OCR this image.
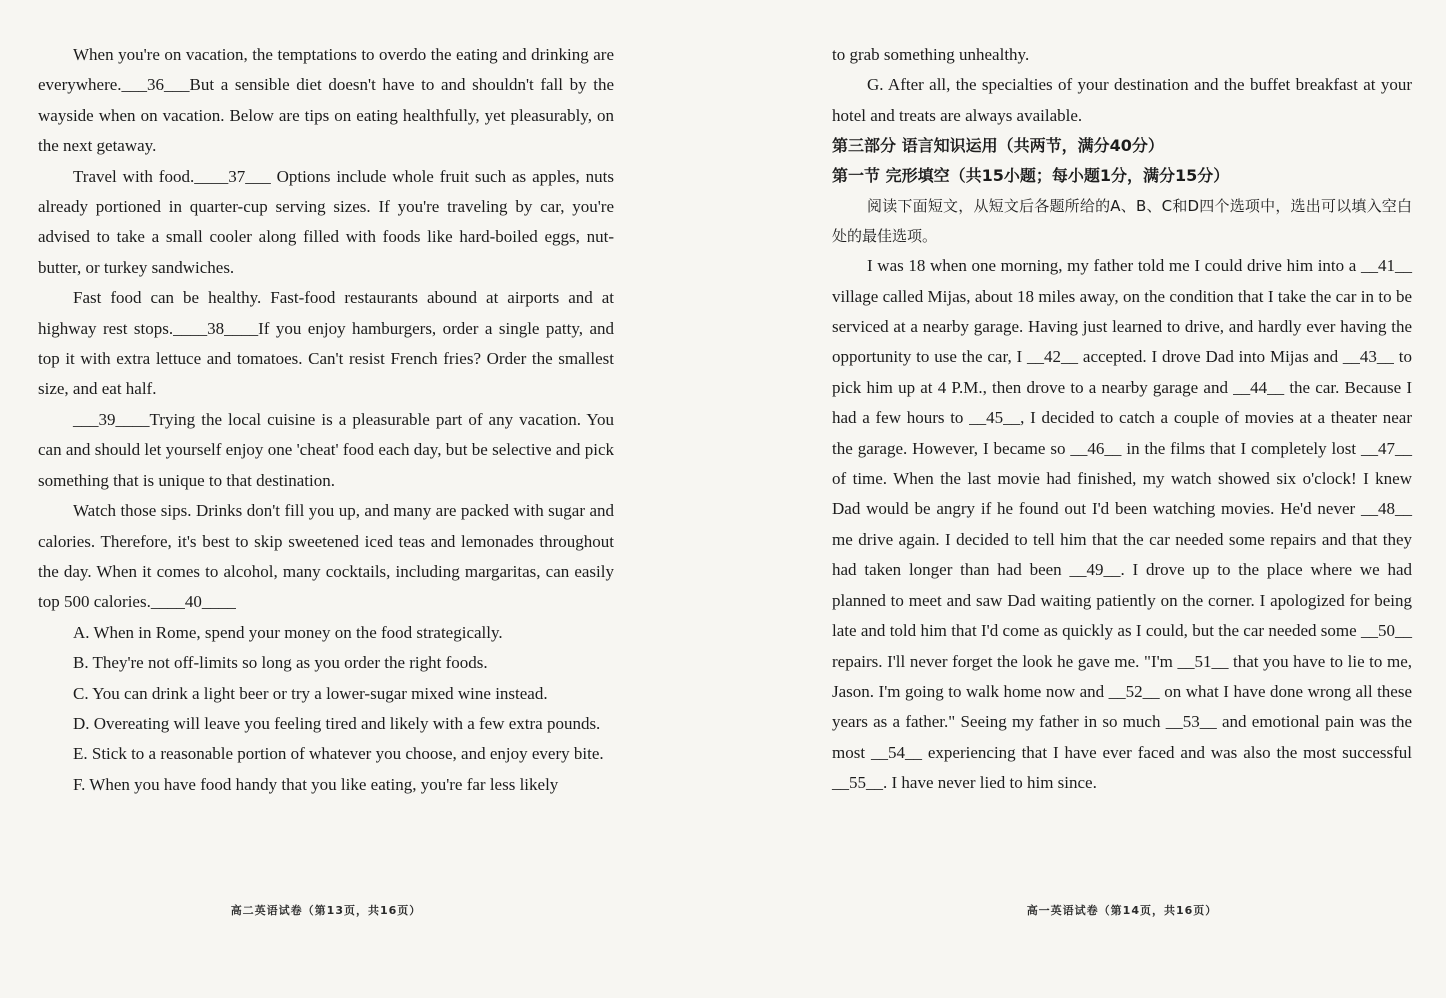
When you're on vacation, the temptations to overdo the eating and drinking are everywhere.___36___But a sensible diet doesn't have to and shouldn't fall by the wayside when on vacation. Below are tips on eating healthfully, yet pleasurably, on the next getaway.

Travel with food.____37___ Options include whole fruit such as apples, nuts already portioned in quarter-cup serving sizes. If you're traveling by car, you're advised to take a small cooler along filled with foods like hard-boiled eggs, nut-butter, or turkey sandwiches.

Fast food can be healthy. Fast-food restaurants abound at airports and at highway rest stops.____38____If you enjoy hamburgers, order a single patty, and top it with extra lettuce and tomatoes. Can't resist French fries? Order the smallest size, and eat half.

___39____Trying the local cuisine is a pleasurable part of any vacation. You can and should let yourself enjoy one 'cheat' food each day, but be selective and pick something that is unique to that destination.

Watch those sips. Drinks don't fill you up, and many are packed with sugar and calories. Therefore, it's best to skip sweetened iced teas and lemonades throughout the day. When it comes to alcohol, many cocktails, including margaritas, can easily top 500 calories.____40____

A. When in Rome, spend your money on the food strategically.

B. They're not off-limits so long as you order the right foods.

C. You can drink a light beer or try a lower-sugar mixed wine instead.

D. Overeating will leave you feeling tired and likely with a few extra pounds.

E. Stick to a reasonable portion of whatever you choose, and enjoy every bite.

F. When you have food handy that you like eating, you're far less likely

高二英语试卷（第13页，共16页）

to grab something unhealthy.

G. After all, the specialties of your destination and the buffet breakfast at your hotel and treats are always available.

第三部分 语言知识运用（共两节，满分40分）

第一节 完形填空（共15小题；每小题1分，满分15分）

阅读下面短文，从短文后各题所给的A、B、C和D四个选项中，选出可以填入空白处的最佳选项。

I was 18 when one morning, my father told me I could drive him into a __41__ village called Mijas, about 18 miles away, on the condition that I take the car in to be serviced at a nearby garage. Having just learned to drive, and hardly ever having the opportunity to use the car, I __42__ accepted. I drove Dad into Mijas and __43__ to pick him up at 4 P.M., then drove to a nearby garage and __44__ the car. Because I had a few hours to __45__, I decided to catch a couple of movies at a theater near the garage. However, I became so __46__ in the films that I completely lost __47__ of time. When the last movie had finished, my watch showed six o'clock! I knew Dad would be angry if he found out I'd been watching movies. He'd never __48__ me drive again. I decided to tell him that the car needed some repairs and that they had taken longer than had been __49__. I drove up to the place where we had planned to meet and saw Dad waiting patiently on the corner. I apologized for being late and told him that I'd come as quickly as I could, but the car needed some __50__ repairs. I'll never forget the look he gave me. "I'm __51__ that you have to lie to me, Jason. I'm going to walk home now and __52__ on what I have done wrong all these years as a father." Seeing my father in so much __53__ and emotional pain was the most __54__ experiencing that I have ever faced and was also the most successful __55__. I have never lied to him since.

高一英语试卷（第14页，共16页）
